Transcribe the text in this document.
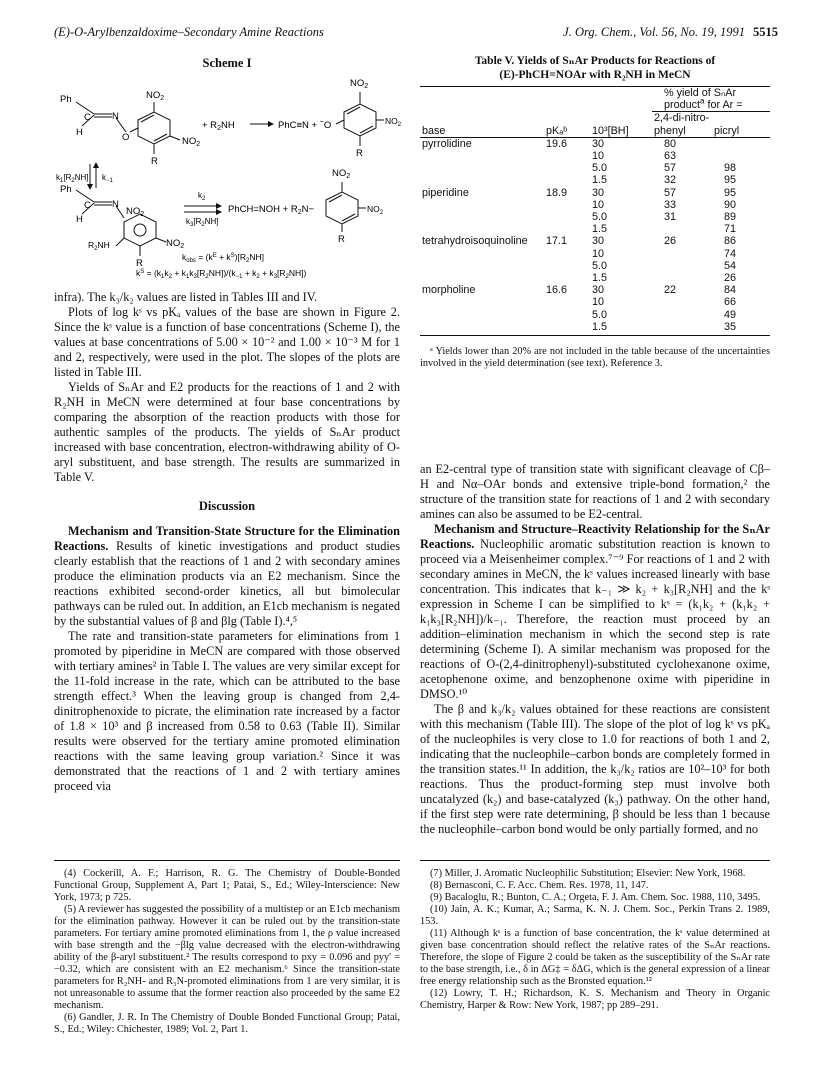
(E)-O-Arylbenzaldoxime–Secondary Amine Reactions	J. Org. Chem., Vol. 56, No. 19, 1991 5515
Scheme I
Ph
C N
H	O
$NO_2$
$NO_2$
R
+ $R_2NH$	PhC≡N + −O
$NO_2$
$NO_2$
R
$k_1[R_2NH]$ $k_{-1}$
Ph
C N
H
$NO_2$
$NO_2$
R
$R_2NH$
$k_2$
$k_3[R_2NH]$
PhCH=NOH + $R_2N-$
$NO_2$
$NO_2$
R
$k_{obs} = (k^E + k^S)[R_2NH]$
$k^S = (k_1k_2 + k_1k_3[R_2NH])/(k_{-1} + k_2 + k_3[R_2NH])$

infra). The k₃/k₂ values are listed in Tables III and IV.

Plots of log kˢ vs pKₐ values of the base are shown in Figure 2. Since the kˢ value is a function of base concentrations (Scheme I), the values at base concentrations of 5.00 × 10⁻² and 1.00 × 10⁻³ M for 1 and 2, respectively, were used in the plot. The slopes of the plots are listed in Table III.

Yields of SₙAr and E2 products for the reactions of 1 and 2 with R₂NH in MeCN were determined at four base concentrations by comparing the absorption of the reaction products with those for authentic samples of the products. The yields of SₙAr product increased with base concentration, electron-withdrawing ability of O-aryl substituent, and base strength. The results are summarized in Table V.

Discussion

Mechanism and Transition-State Structure for the Elimination Reactions. Results of kinetic investigations and product studies clearly establish that the reactions of 1 and 2 with secondary amines produce the elimination products via an E2 mechanism. Since the reactions exhibited second-order kinetics, all but bimolecular pathways can be ruled out. In addition, an E1cb mechanism is negated by the substantial values of β and βlg (Table I).⁴,⁵

The rate and transition-state parameters for eliminations from 1 promoted by piperidine in MeCN are compared with those observed with tertiary amines² in Table I. The values are very similar except for the 11-fold increase in the rate, which can be attributed to the base strength effect.³ When the leaving group is changed from 2,4-dinitrophenoxide to picrate, the elimination rate increased by a factor of 1.8 × 10³ and β increased from 0.58 to 0.63 (Table II). Similar results were observed for the tertiary amine promoted elimination reactions with the same leaving group variation.² Since it was demonstrated that the reactions of 1 and 2 with tertiary amines proceed via

(4) Cockerill, A. F.; Harrison, R. G. The Chemistry of Double-Bonded Functional Group, Supplement A, Part 1; Patai, S., Ed.; Wiley-Interscience: New York, 1973; p 725.

(5) A reviewer has suggested the possibility of a multistep or an E1cb mechanism for the elimination pathway. However it can be ruled out by the transition-state parameters. For tertiary amine promoted eliminations from 1, the ρ value increased with base strength and the −βlg value decreased with the electron-withdrawing ability of the β-aryl substituent.² The results correspond to pxy = 0.096 and pyy' = −0.32, which are consistent with an E2 mechanism.⁶ Since the transition-state parameters for R₂NH- and R₃N-promoted eliminations from 1 are very similar, it is not unreasonable to assume that the former reaction also proceeded by the same E2 mechanism.

(6) Gandler, J. R. In The Chemistry of Double Bonded Functional Group; Patai, S., Ed.; Wiley: Chichester, 1989; Vol. 2, Part 1.

Table V. Yields of SₙAr Products for Reactions of
(E)-PhCH=NOAr with R₂NH in MeCN
			% yield of SₙAr product$^a$ for Ar =	
base	pKₐᵇ	10³[BH]	2,4-di-nitro-phenyl	picryl
pyrrolidine	19.6	30	80	
		10	63	
		5.0	57	98
		1.5	32	95
piperidine	18.9	30	57	95
		10	33	90
		5.0	31	89
		1.5		71
tetrahydroisoquinoline	17.1	30	26	86
		10		74
		5.0		54
		1.5		26
morpholine	16.6	30	22	84
		10		66
		5.0		49
		1.5		35

ᵃ Yields lower than 20% are not included in the table because of the uncertainties involved in the yield determination (see text). Reference 3.

an E2-central type of transition state with significant cleavage of Cβ–H and Nα–OAr bonds and extensive triple-bond formation,² the structure of the transition state for reactions of 1 and 2 with secondary amines can also be assumed to be E2-central.

Mechanism and Structure–Reactivity Relationship for the SₙAr Reactions. Nucleophilic aromatic substitution reaction is known to proceed via a Meisenheimer complex.⁷⁻⁹ For reactions of 1 and 2 with secondary amines in MeCN, the kˢ values increased linearly with base concentration. This indicates that k₋₁ ≫ k₂ + k₃[R₂NH] and the kˢ expression in Scheme I can be simplified to kˢ = (k₁k₂ + (k₁k₂ + k₁k₃[R₂NH])/k₋₁. Therefore, the reaction must proceed by an addition–elimination mechanism in which the second step is rate determining (Scheme I). A similar mechanism was proposed for the reactions of O-(2,4-dinitrophenyl)-substituted cyclohexanone oxime, acetophenone oxime, and benzophenone oxime with piperidine in DMSO.¹⁰

The β and k₃/k₂ values obtained for these reactions are consistent with this mechanism (Table III). The slope of the plot of log kˢ vs pKₐ of the nucleophiles is very close to 1.0 for reactions of both 1 and 2, indicating that the nucleophile–carbon bonds are completely formed in the transition states.¹¹ In addition, the k₃/k₂ ratios are 10²–10³ for both reactions. Thus the product-forming step must involve both uncatalyzed (k₂) and base-catalyzed (k₃) pathway. On the other hand, if the first step were rate determining, β should be less than 1 because the nucleophile–carbon bond would be only partially formed, and no

(7) Miller, J. Aromatic Nucleophilic Substitution; Elsevier: New York, 1968.

(8) Bernasconi, C. F. Acc. Chem. Res. 1978, 11, 147.

(9) Bacaloglu, R.; Bunton, C. A.; Orgeta, F. J. Am. Chem. Soc. 1988, 110, 3495.

(10) Jain, A. K.; Kumar, A.; Sarma, K. N. J. Chem. Soc., Perkin Trans 2. 1989, 153.

(11) Although kˢ is a function of base concentration, the kˢ value determined at given base concentration should reflect the relative rates of the SₙAr reactions. Therefore, the slope of Figure 2 could be taken as the susceptibility of the SₙAr rate to the base strength, i.e., δ in ΔG‡ = δΔG, which is the general expression of a linear free energy relationship such as the Bronsted equation.¹²

(12) Lowry, T. H.; Richardson, K. S. Mechanism and Theory in Organic Chemistry, Harper & Row: New York, 1987; pp 289–291.
